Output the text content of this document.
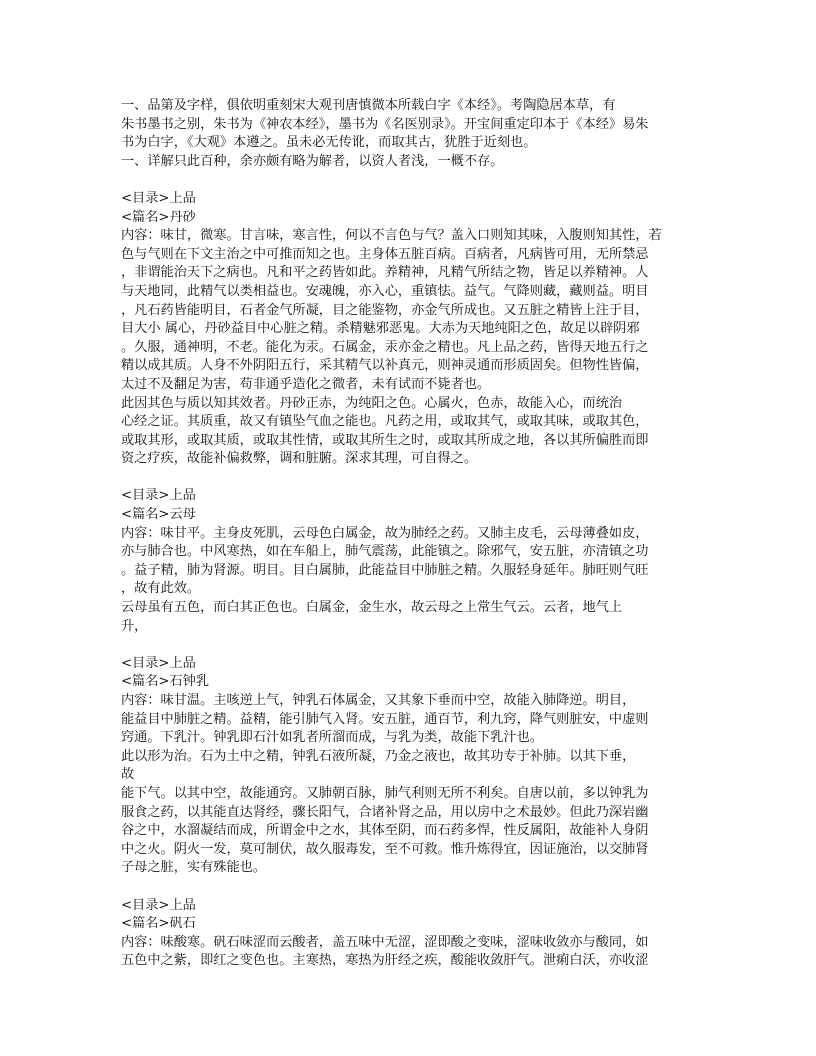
一、品第及字样，俱依明重刻宋大观刊唐慎微本所载白字《本经》。考陶隐居本草，有
朱书墨书之别，朱书为《神农本经》，墨书为《名医别录》。开宝间重定印本于《本经》易朱
书为白字，《大观》本遵之。虽未必无传讹，而取其古，犹胜于近刻也。
一、详解只此百种，余亦颇有略为解者，以资人者浅，一概不存。
<目录>上品
<篇名>丹砂
内容：味甘，微寒。甘言味，寒言性，何以不言色与气？盖入口则知其味，入腹则知其性，若
色与气则在下文主治之中可推而知之也。主身体五脏百病。百病者，凡病皆可用，无所禁忌
，非谓能治天下之病也。凡和平之药皆如此。养精神，凡精气所结之物，皆足以养精神。人
与天地同，此精气以类相益也。安魂魄，亦入心，重镇怯。益气。气降则藏，藏则益。明目
，凡石药皆能明目，石者金气所凝，目之能鉴物，亦金气所成也。又五脏之精皆上注于目，
目大小 属心，丹砂益目中心脏之精。杀精魅邪恶鬼。大赤为天地纯阳之色，故足以辟阴邪
。久服，通神明，不老。能化为汞。石属金，汞亦金之精也。凡上品之药，皆得天地五行之
精以成其质。人身不外阴阳五行，采其精气以补真元，则神灵通而形质固矣。但物性皆偏，
太过不及翻足为害，苟非通乎造化之微者，未有试而不毙者也。
此因其色与质以知其效者。丹砂正赤，为纯阳之色。心属火，色赤，故能入心，而统治
心经之证。其质重，故又有镇坠气血之能也。凡药之用，或取其气，或取其味，或取其色，
或取其形，或取其质，或取其性情，或取其所生之时，或取其所成之地，各以其所偏胜而即
资之疗疾，故能补偏救弊，调和脏腑。深求其理，可自得之。
<目录>上品
<篇名>云母
内容：味甘平。主身皮死肌，云母色白属金，故为肺经之药。又肺主皮毛，云母薄叠如皮，
亦与肺合也。中风寒热，如在车船上，肺气震荡，此能镇之。除邪气，安五脏，亦清镇之功
。益子精，肺为肾源。明目。目白属肺，此能益目中肺脏之精。久服轻身延年。肺旺则气旺
，故有此效。
云母虽有五色，而白其正色也。白属金，金生水，故云母之上常生气云。云者，地气上
升，
<目录>上品
<篇名>石钟乳
内容：味甘温。主咳逆上气，钟乳石体属金，又其象下垂而中空，故能入肺降逆。明目，
能益目中肺脏之精。益精，能引肺气入肾。安五脏，通百节，利九窍，降气则脏安，中虚则
窍通。下乳汁。钟乳即石汁如乳者所溜而成，与乳为类，故能下乳汁也。
此以形为治。石为土中之精，钟乳石液所凝，乃金之液也，故其功专于补肺。以其下垂，
故
能下气。以其中空，故能通窍。又肺朝百脉，肺气利则无所不利矣。自唐以前，多以钟乳为
服食之药，以其能直达肾经，骤长阳气，合诸补肾之品，用以房中之术最妙。但此乃深岩幽
谷之中，水溜凝结而成，所谓金中之水，其体至阴，而石药多悍，性反属阳，故能补人身阴
中之火。阴火一发，莫可制伏，故久服毒发，至不可救。惟升炼得宜，因证施治，以交肺肾
子母之脏，实有殊能也。
<目录>上品
<篇名>矾石
内容：味酸寒。矾石味涩而云酸者，盖五味中无涩，涩即酸之变味，涩味收敛亦与酸同，如
五色中之紫，即红之变色也。主寒热，寒热为肝经之疾，酸能收敛肝气。泄痢白沃，亦收涩
